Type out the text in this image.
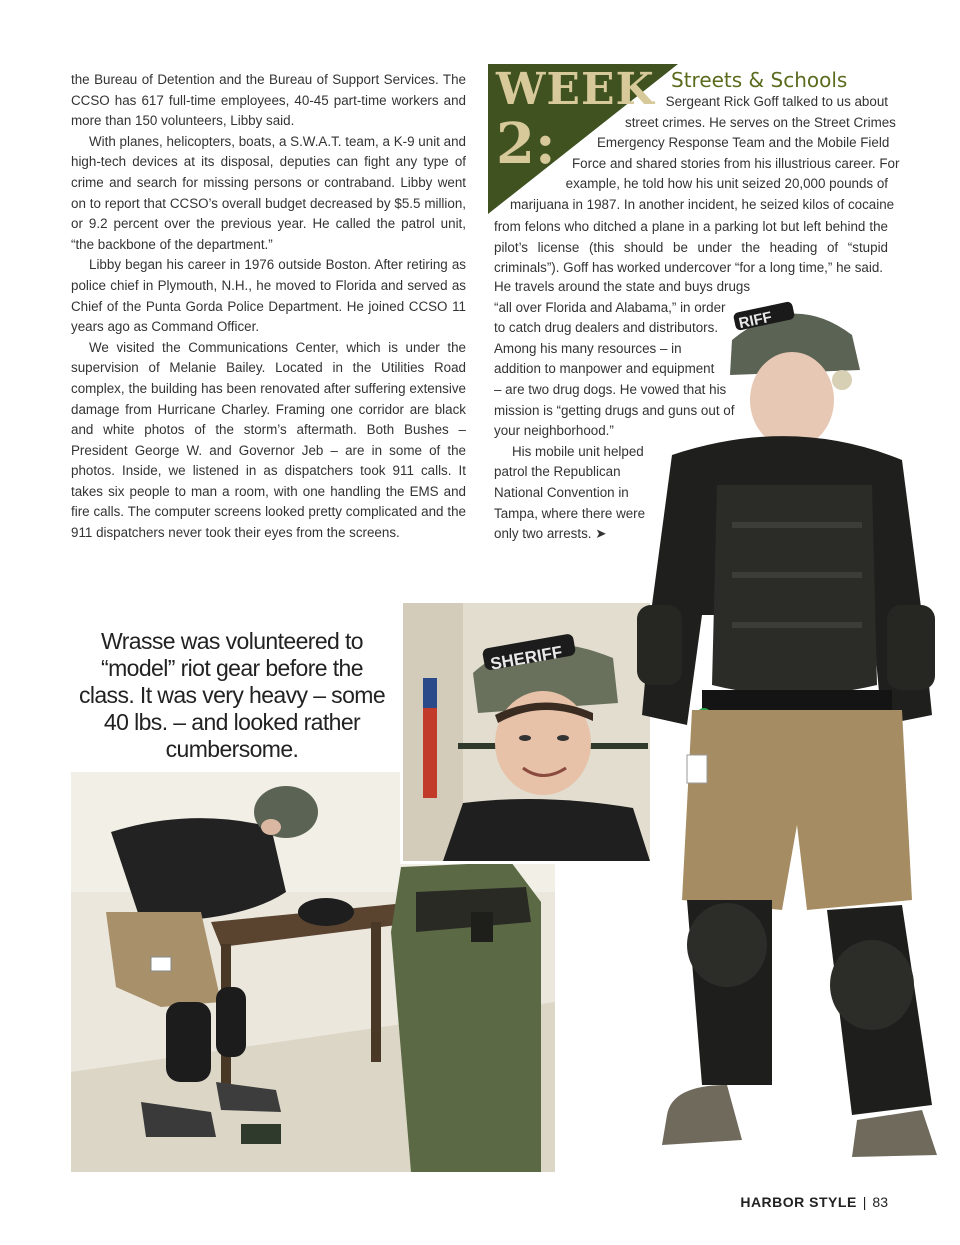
the Bureau of Detention and the Bureau of Support Services. The CCSO has 617 full-time employees, 40-45 part-time workers and more than 150 volunteers, Libby said.

With planes, helicopters, boats, a S.W.A.T. team, a K-9 unit and high-tech devices at its disposal, deputies can fight any type of crime and search for missing persons or contraband. Libby went on to report that CCSO’s overall budget decreased by $5.5 million, or 9.2 percent over the previous year. He called the patrol unit, “the backbone of the department.”

Libby began his career in 1976 outside Boston. After retiring as police chief in Plymouth, N.H., he moved to Florida and served as Chief of the Punta Gorda Police Department. He joined CCSO 11 years ago as Command Officer.

We visited the Communications Center, which is under the supervision of Melanie Bailey. Located in the Utilities Road complex, the building has been renovated after suffering extensive damage from Hurricane Charley. Framing one corridor are black and white photos of the storm’s aftermath. Both Bushes – President George W. and Governor Jeb – are in some of the photos. Inside, we listened in as dispatchers took 911 calls. It takes six people to man a room, with one handling the EMS and fire calls. The computer screens looked pretty complicated and the 911 dispatchers never took their eyes from the screens.

WEEK
2:
Streets & Schools
Sergeant Rick Goff talked to us about
street crimes. He serves on the Street Crimes
Emergency Response Team and the Mobile Field
Force and shared stories from his illustrious career. For
example, he told how his unit seized 20,000 pounds of
marijuana in 1987. In another incident, he seized kilos of cocaine
from felons who ditched a plane in a parking lot but left behind the pilot’s license (this should be under the heading of “stupid criminals”). Goff has worked undercover “for a long time,” he said.
He travels around the state and buys drugs
“all over Florida and Alabama,” in order
to catch drug dealers and distributors.
Among his many resources – in
addition to manpower and equipment
– are two drug dogs. He vowed that his
mission is “getting drugs and guns out of
your neighborhood.”
His mobile unit helped
patrol the Republican
National Convention in
Tampa, where there were
only two arrests. ➤
Wrasse was volunteered to “model” riot gear before the class. It was very heavy – some 40 lbs. – and looked rather cumbersome.
SHERIFF
RIFF
HARBOR STYLE | 83
